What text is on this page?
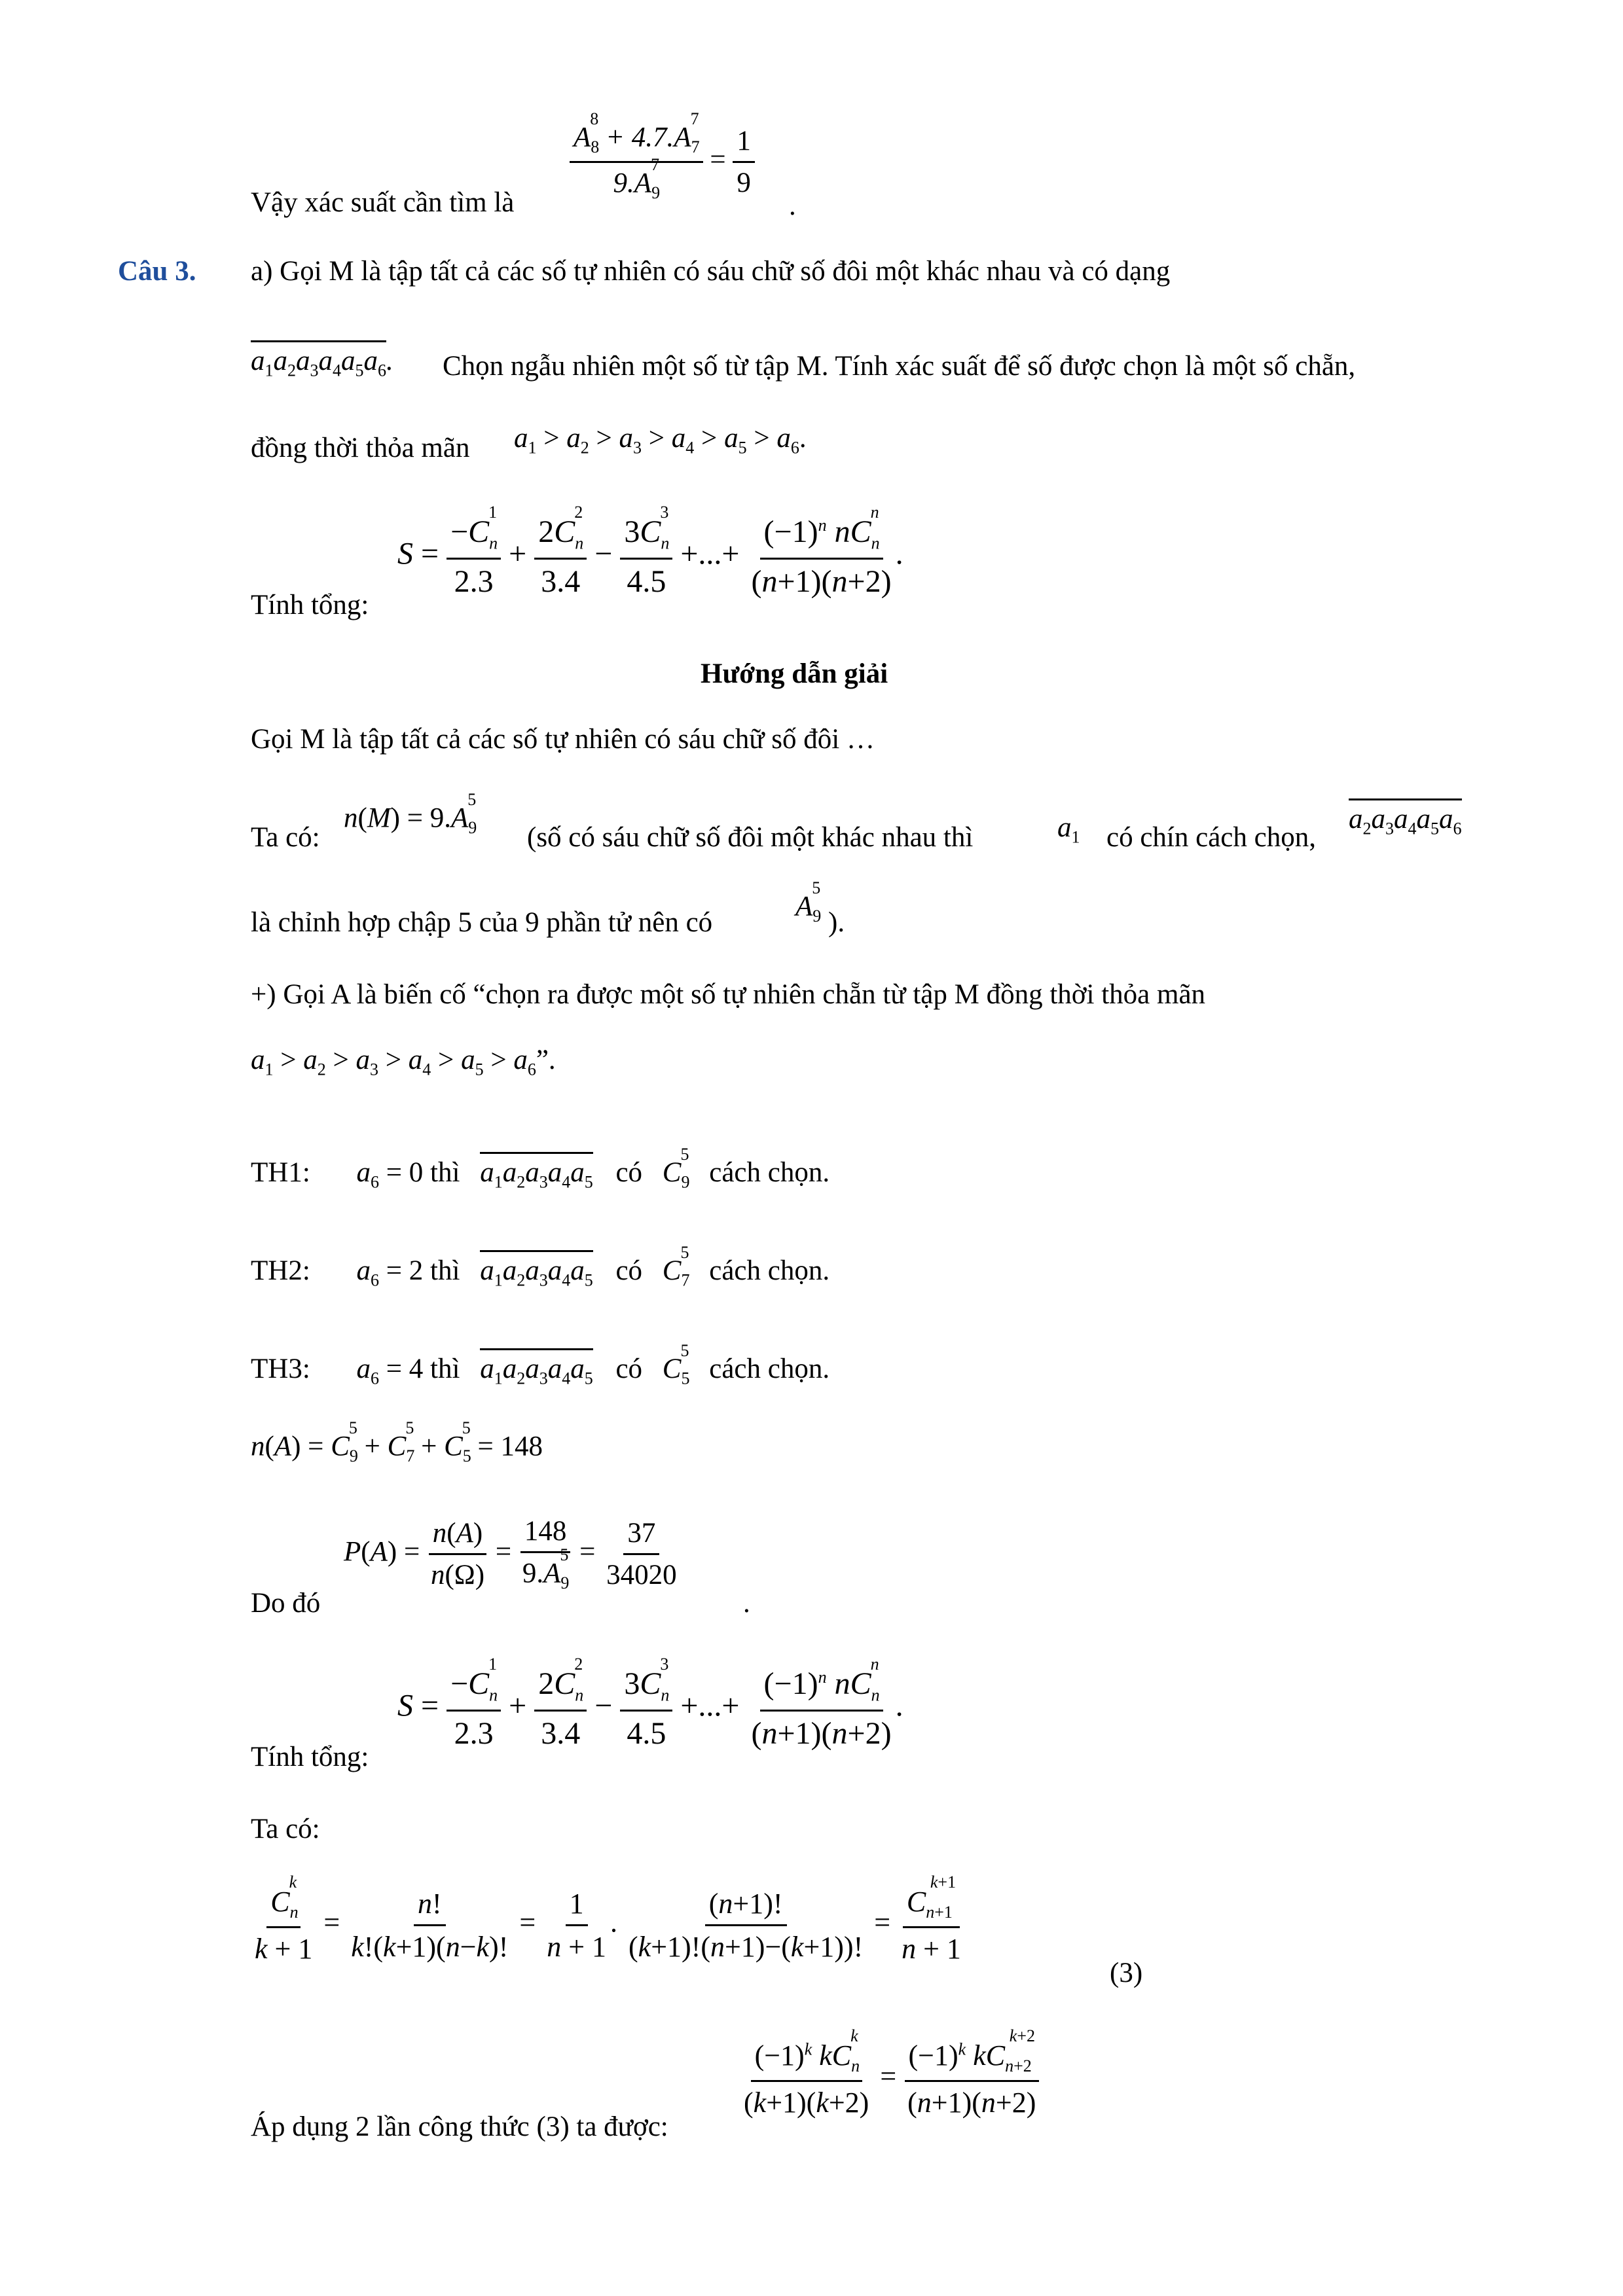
$\frac{A_8^8 + 4.7.A_7^7}{9.A_9^7} = \frac{1}{9}$
Vậy xác suất cần tìm là	.
Câu 3. a) Gọi M là tập tất cả các số tự nhiên có sáu chữ số đôi một khác nhau và có dạng
$a_1a_2a_3a_4a_5a_6$. Chọn ngẫu nhiên một số từ tập M. Tính xác suất để số được chọn là một số chẵn,
đồng thời thỏa mãn $a_1 > a_2 > a_3 > a_4 > a_5 > a_6$.
$S = \frac{-C_n^1}{2.3} + \frac{2C_n^2}{3.4} - \frac{3C_n^3}{4.5}$ +...+ $\frac{(-1)^n nC_n^n}{(n+1)(n+2)}$ .
Tính tổng:
Hướng dẫn giải
Gọi M là tập tất cả các số tự nhiên có sáu chữ số đôi …
Ta có:
$n(M) = 9.A_9^5$
(số có sáu chữ số đôi một khác nhau thì	$a_1$ có chín cách chọn,
$a_2a_3a_4a_5a_6$
là chỉnh hợp chập 5 của 9 phần tử nên có
$A_9^5$
).
+) Gọi A là biến cố “chọn ra được một số tự nhiên chẵn từ tập M đồng thời thỏa mãn
$a_1 > a_2 > a_3 > a_4 > a_5 > a_6$”.
TH1: $a_6 = 0$ thì $a_1a_2a_3a_4a_5$ có $C_9^5$ cách chọn.
TH2: $a_6 = 2$ thì $a_1a_2a_3a_4a_5$ có $C_7^5$ cách chọn.
TH3: $a_6 = 4$ thì $a_1a_2a_3a_4a_5$ có $C_5^5$ cách chọn.
$n(A) = C_9^5 + C_7^5 + C_5^5 = 148$
$P(A) = \frac{n(A)}{n(\Omega)} = \frac{148}{9.A_9^5} = \frac{37}{34020}$
Do đó	.
$S = \frac{-C_n^1}{2.3} + \frac{2C_n^2}{3.4} - \frac{3C_n^3}{4.5}$ +...+ $\frac{(-1)^n nC_n^n}{(n+1)(n+2)}$ .
Tính tổng:
Ta có:
$\frac{C_n^k}{k + 1} = \frac{n!}{k!(k+1)(n-k)!} = \frac{1}{n + 1}$ . $\frac{(n+1)!}{(k+1)!(n+1)-(k+1))!} = \frac{C_{n+1}^{k+1}}{n + 1}$
(3)
$\frac{(-1)^k kC_n^k}{(k+1)(k+2)} = \frac{(-1)^k kC_{n+2}^{k+2}}{(n+1)(n+2)}$
Áp dụng 2 lần công thức (3) ta được:
